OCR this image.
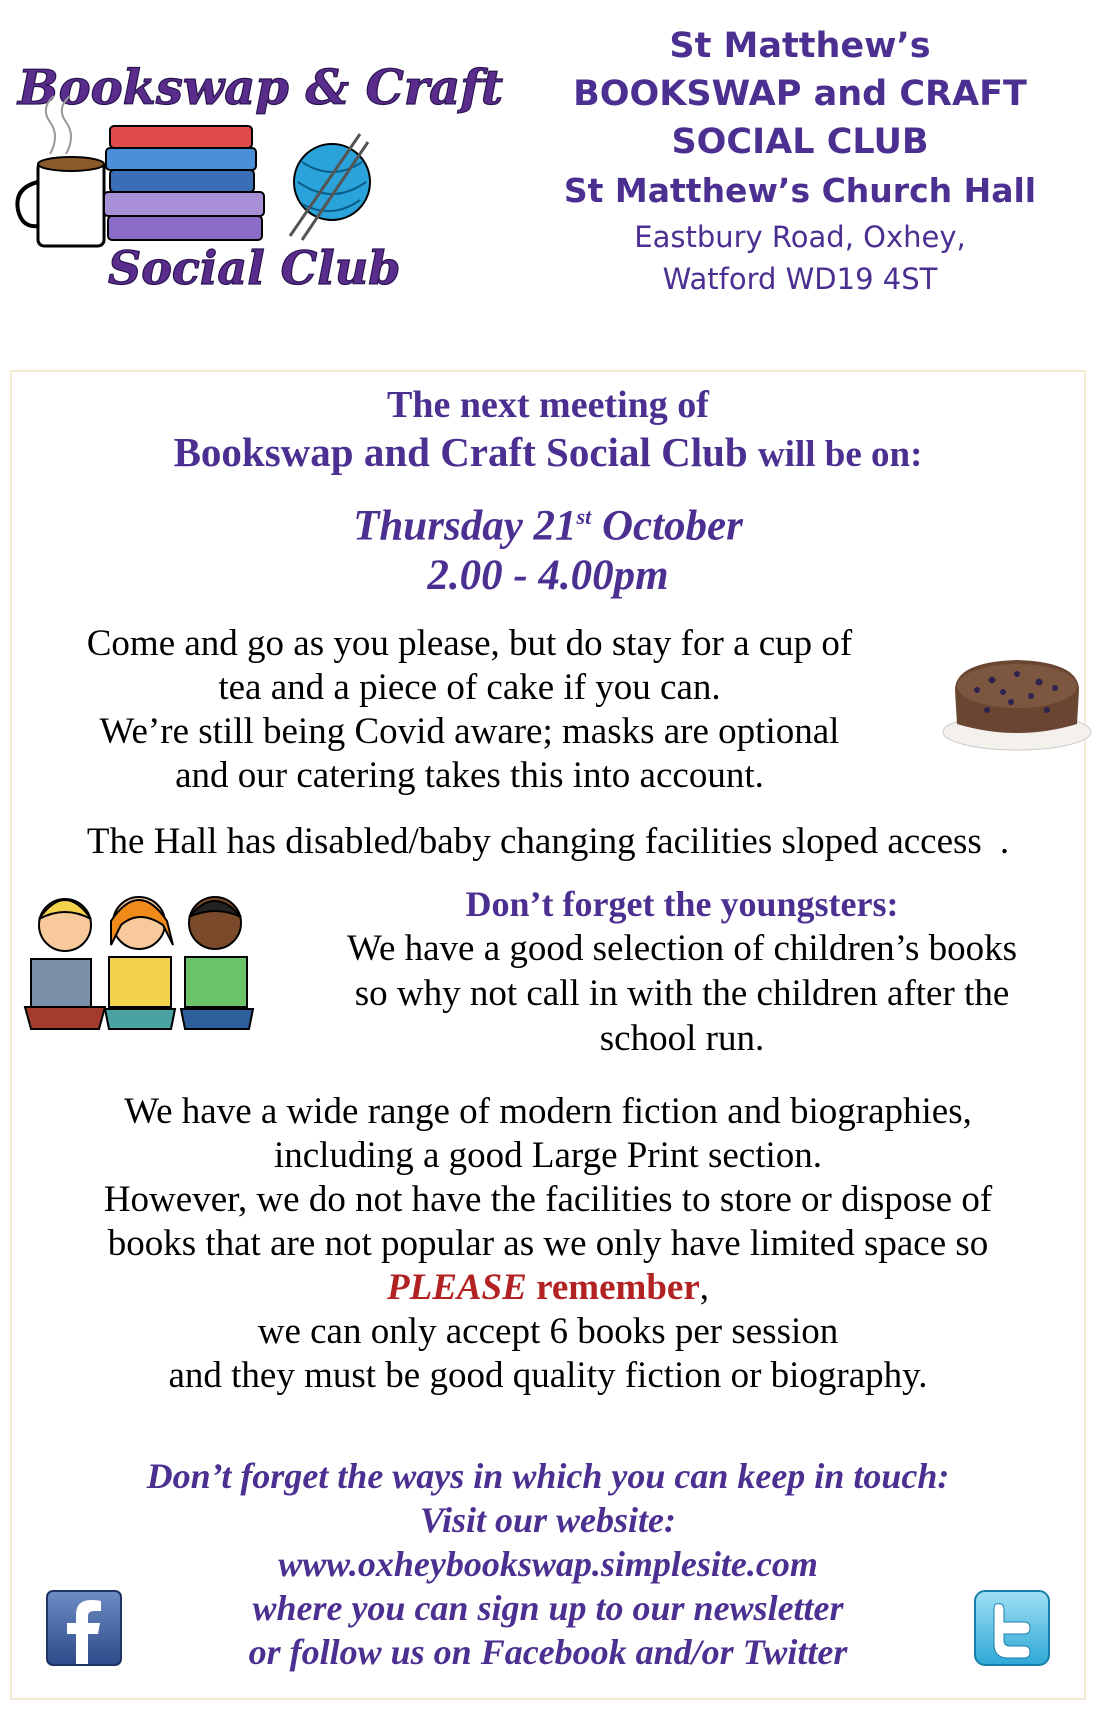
Bookswap & Craft
Social Club
St Matthew’s
BOOKSWAP and CRAFT
SOCIAL CLUB
St Matthew’s Church Hall
Eastbury Road, Oxhey,
Watford WD19 4ST
The next meeting of
Bookswap and Craft Social Club will be on:
Thursday 21st October
2.00 - 4.00pm
Come and go as you please, but do stay for a cup of
tea and a piece of cake if you can.
We’re still being Covid aware; masks are optional
and our catering takes this into account.
The Hall has disabled/baby changing facilities sloped access .
Don’t forget the youngsters:
We have a good selection of children’s books
so why not call in with the children after the
school run.
We have a wide range of modern fiction and biographies,
including a good Large Print section.
However, we do not have the facilities to store or dispose of
books that are not popular as we only have limited space so
PLEASE remember,
we can only accept 6 books per session
and they must be good quality fiction or biography.
Don’t forget the ways in which you can keep in touch:
Visit our website:
www.oxheybookswap.simplesite.com
where you can sign up to our newsletter
or follow us on Facebook and/or Twitter
